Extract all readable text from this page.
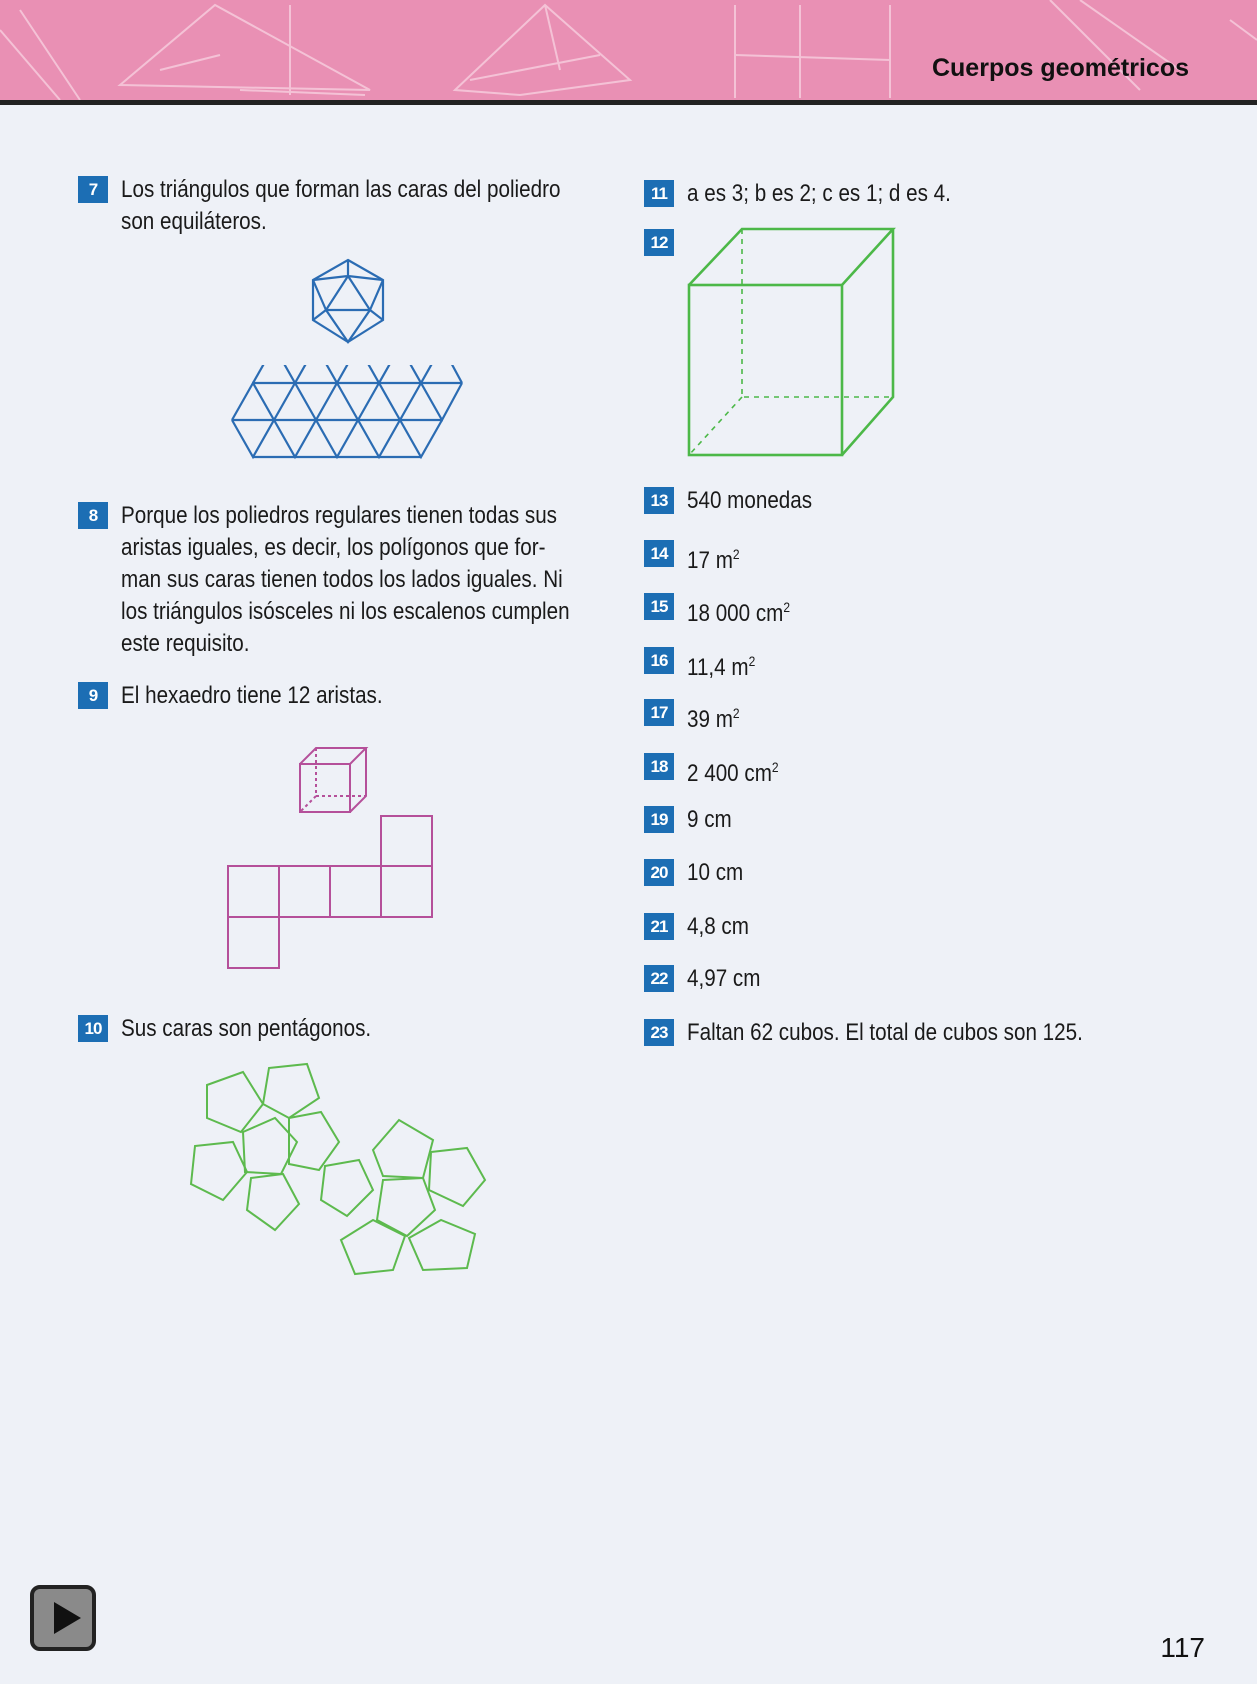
Cuerpos geométricos
7 Los triángulos que forman las caras del poliedro
son equiláteros.
8 Porque los poliedros regulares tienen todas sus
aristas iguales, es decir, los polígonos que for-
man sus caras tienen todos los lados iguales. Ni
los triángulos isósceles ni los escalenos cumplen
este requisito.
9 El hexaedro tiene 12 aristas.
10 Sus caras son pentágonos.
11 a es 3; b es 2; c es 1; d es 4.
12
13 540 monedas
14 17 $m^2$
15 18 000 $cm^2$
16 11,4 $m^2$
17 39 $m^2$
18 2 400 $cm^2$
19 9 cm
20 10 cm
21 4,8 cm
22 4,97 cm
23 Faltan 62 cubos. El total de cubos son 125.
117
